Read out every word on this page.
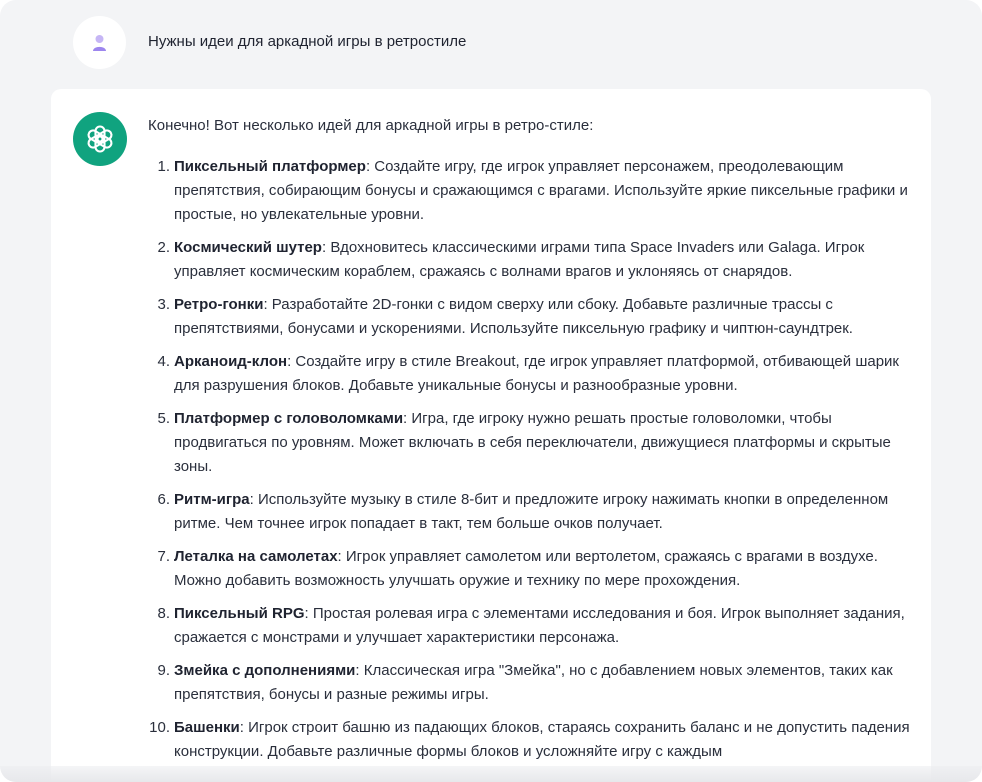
Нужны идеи для аркадной игры в ретростиле

Конечно! Вот несколько идей для аркадной игры в ретро-стиле:

1. Пиксельный платформер: Создайте игру, где игрок управляет персонажем, преодолевающим препятствия, собирающим бонусы и сражающимся с врагами. Используйте яркие пиксельные графики и простые, но увлекательные уровни.
2. Космический шутер: Вдохновитесь классическими играми типа Space Invaders или Galaga. Игрок управляет космическим кораблем, сражаясь с волнами врагов и уклоняясь от снарядов.
3. Ретро-гонки: Разработайте 2D-гонки с видом сверху или сбоку. Добавьте различные трассы с препятствиями, бонусами и ускорениями. Используйте пиксельную графику и чиптюн-саундтрек.
4. Арканоид-клон: Создайте игру в стиле Breakout, где игрок управляет платформой, отбивающей шарик для разрушения блоков. Добавьте уникальные бонусы и разнообразные уровни.
5. Платформер с головоломками: Игра, где игроку нужно решать простые головоломки, чтобы продвигаться по уровням. Может включать в себя переключатели, движущиеся платформы и скрытые зоны.
6. Ритм-игра: Используйте музыку в стиле 8-бит и предложите игроку нажимать кнопки в определенном ритме. Чем точнее игрок попадает в такт, тем больше очков получает.
7. Леталка на самолетах: Игрок управляет самолетом или вертолетом, сражаясь с врагами в воздухе. Можно добавить возможность улучшать оружие и технику по мере прохождения.
8. Пиксельный RPG: Простая ролевая игра с элементами исследования и боя. Игрок выполняет задания, сражается с монстрами и улучшает характеристики персонажа.
9. Змейка с дополнениями: Классическая игра "Змейка", но с добавлением новых элементов, таких как препятствия, бонусы и разные режимы игры.
10. Башенки: Игрок строит башню из падающих блоков, стараясь сохранить баланс и не допустить падения конструкции. Добавьте различные формы блоков и усложняйте игру с каждым
